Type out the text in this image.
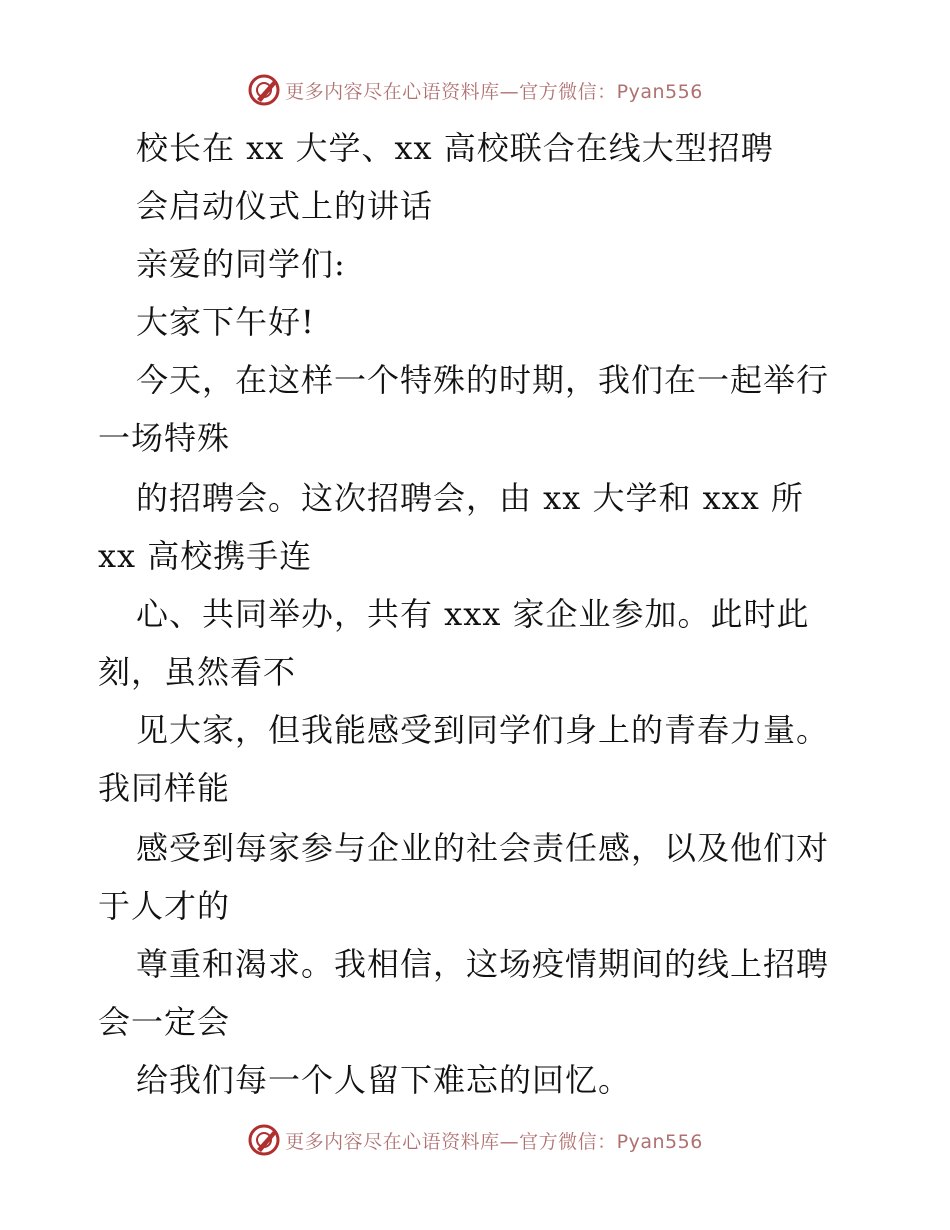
更多内容尽在心语资料库—官方微信：Pyan556
校长在 xx 大学、xx 高校联合在线大型招聘
会启动仪式上的讲话
亲爱的同学们:
大家下午好!
今天，在这样一个特殊的时期，我们在一起举行
一场特殊
的招聘会。这次招聘会，由 xx 大学和 xxx 所
xx 高校携手连
心、共同举办，共有 xxx 家企业参加。此时此
刻，虽然看不
见大家，但我能感受到同学们身上的青春力量。
我同样能
感受到每家参与企业的社会责任感，以及他们对
于人才的
尊重和渴求。我相信，这场疫情期间的线上招聘
会一定会
给我们每一个人留下难忘的回忆。
更多内容尽在心语资料库—官方微信：Pyan556
